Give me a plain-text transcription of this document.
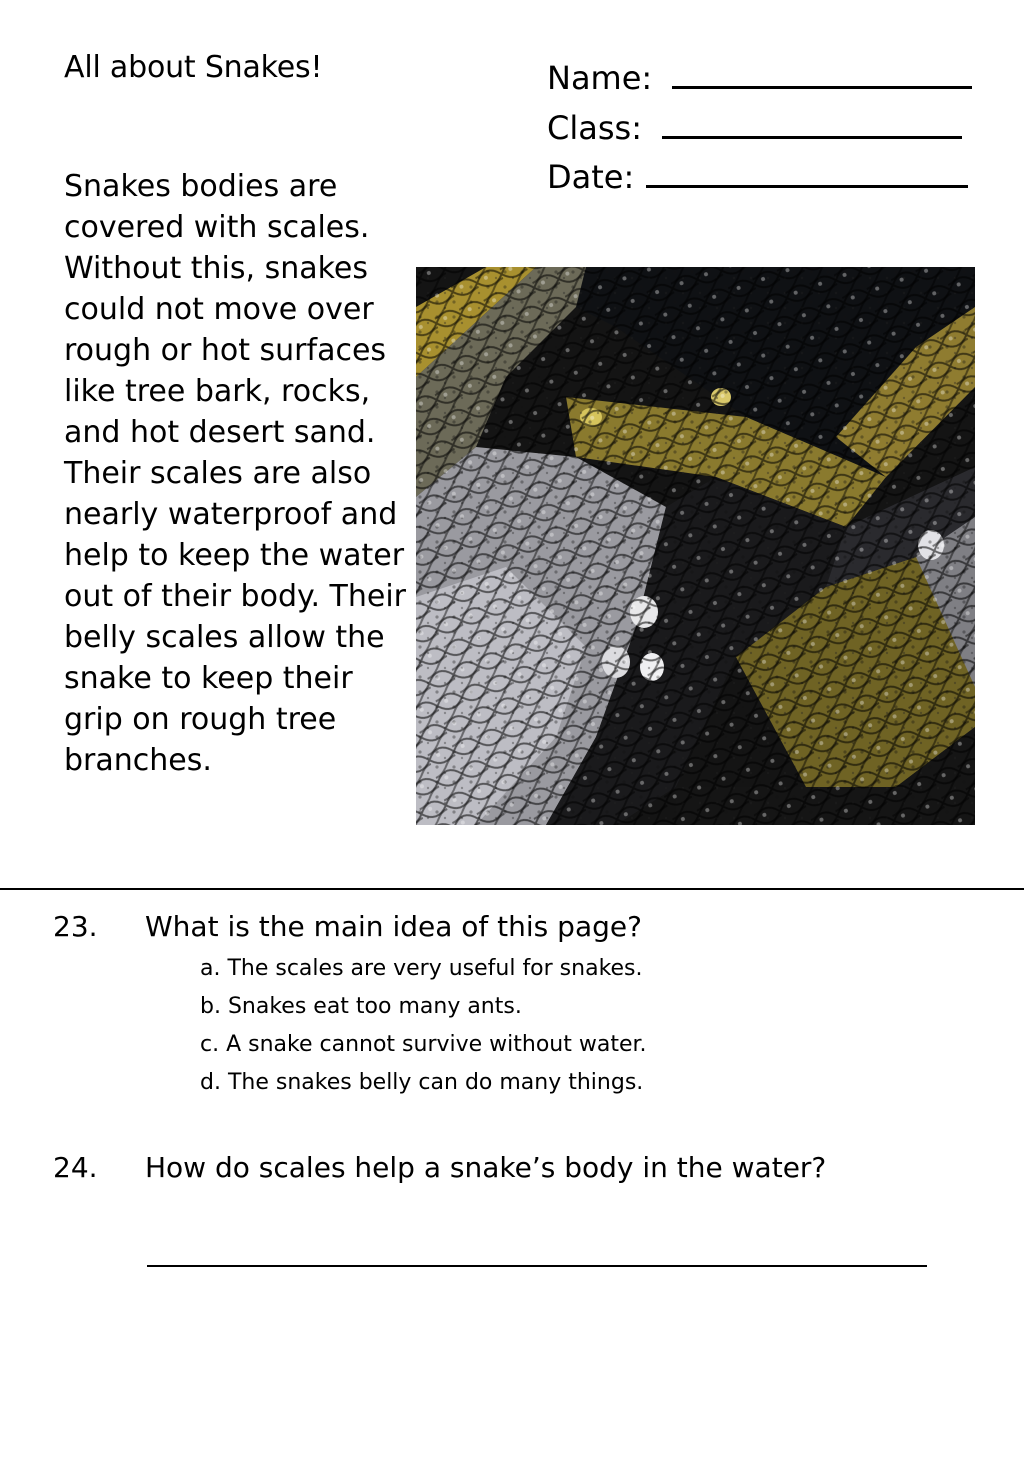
All about Snakes!	Name:
Class:
Date:

Snakes bodies are covered with scales. Without this, snakes could not move over rough or hot surfaces like tree bark, rocks, and hot desert sand. Their scales are also nearly waterproof and help to keep the water out of their body. Their belly scales allow the snake to keep their grip on rough tree branches.

23. What is the main idea of this page?
a. The scales are very useful for snakes.
b. Snakes eat too many ants.
c. A snake cannot survive without water.
d. The snakes belly can do many things.
24. How do scales help a snake’s body in the water?
